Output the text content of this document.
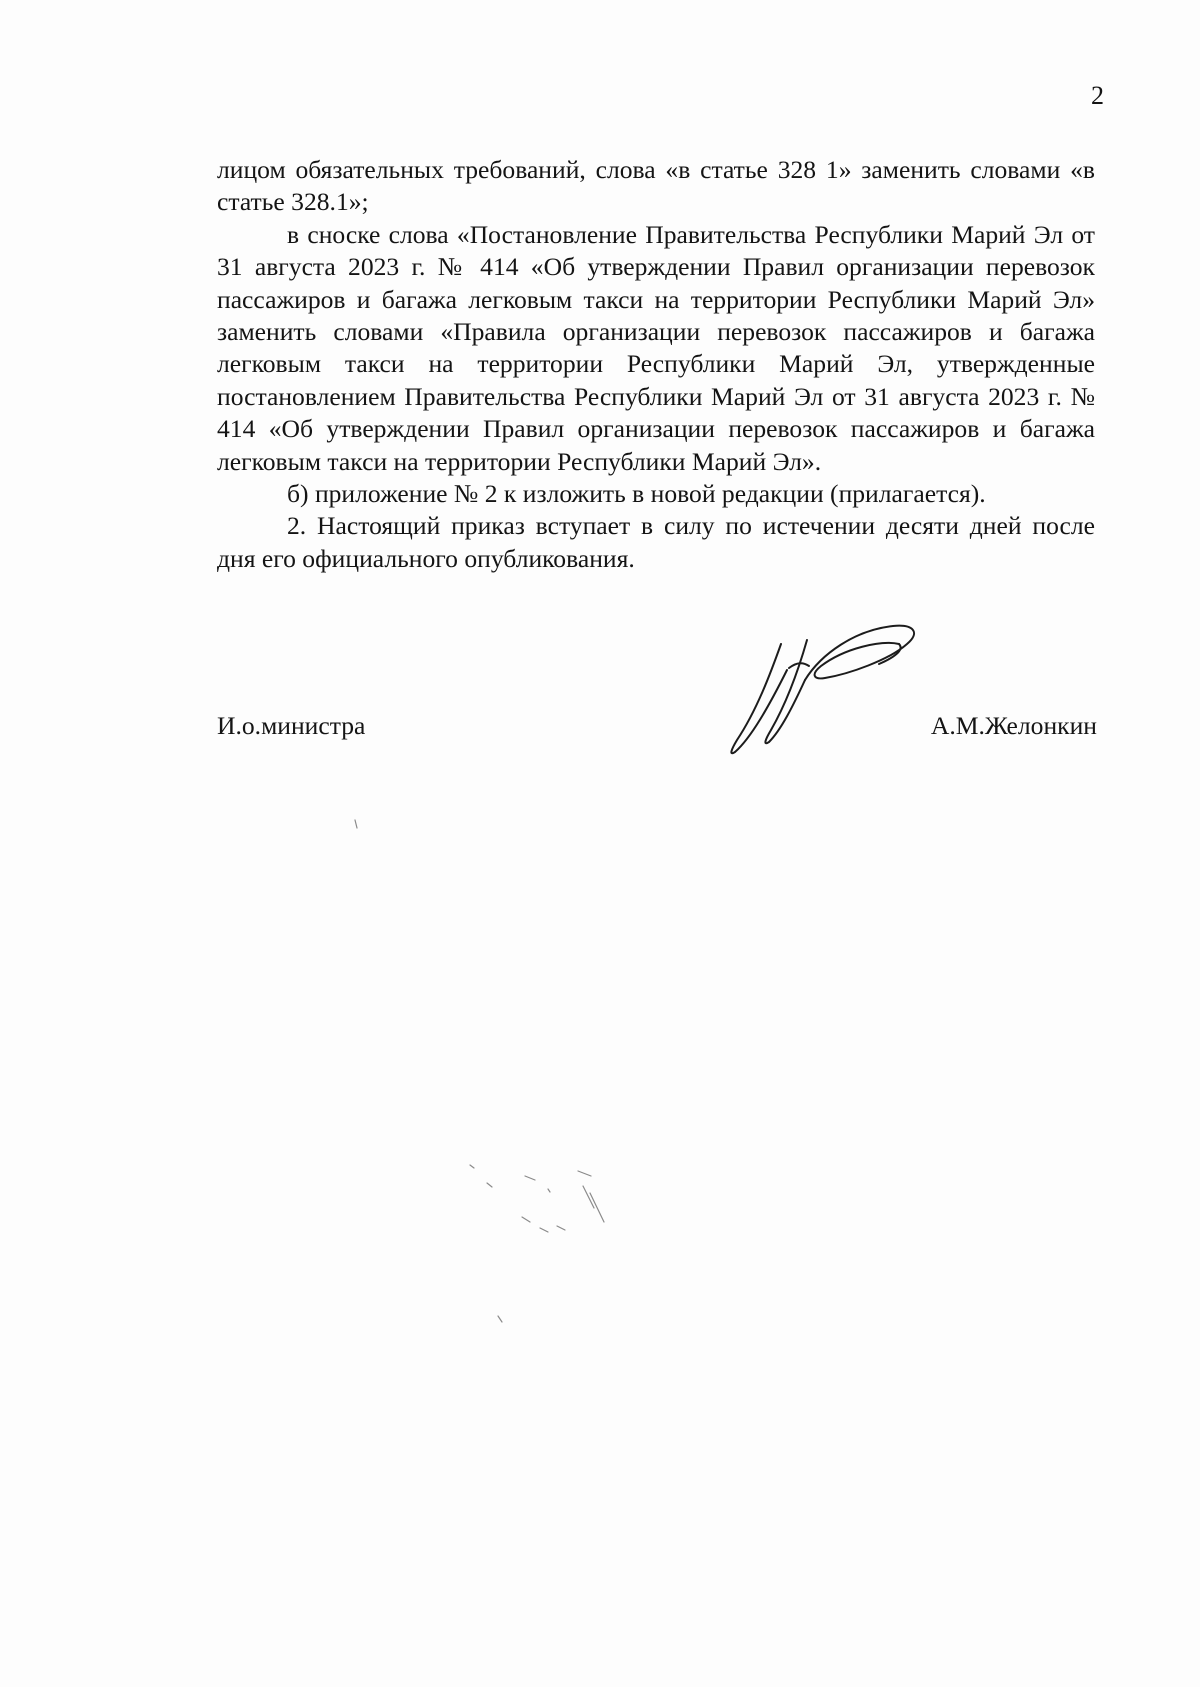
2

лицом обязательных требований, слова «в статье 328 1» заменить словами «в статье 328.1»;

в сноске слова «Постановление Правительства Республики Марий Эл от 31 августа 2023 г. № 414 «Об утверждении Правил организации перевозок пассажиров и багажа легковым такси на территории Республики Марий Эл» заменить словами «Правила организации перевозок пассажиров и багажа легковым такси на территории Республики Марий Эл, утвержденные постановлением Правительства Республики Марий Эл от 31 августа 2023 г. № 414 «Об утверждении Правил организации перевозок пассажиров и багажа легковым такси на территории Республики Марий Эл».

б) приложение № 2 к изложить в новой редакции (прилагается).

2. Настоящий приказ вступает в силу по истечении десяти дней после дня его официального опубликования.

И.о.министра	А.М.Желонкин
